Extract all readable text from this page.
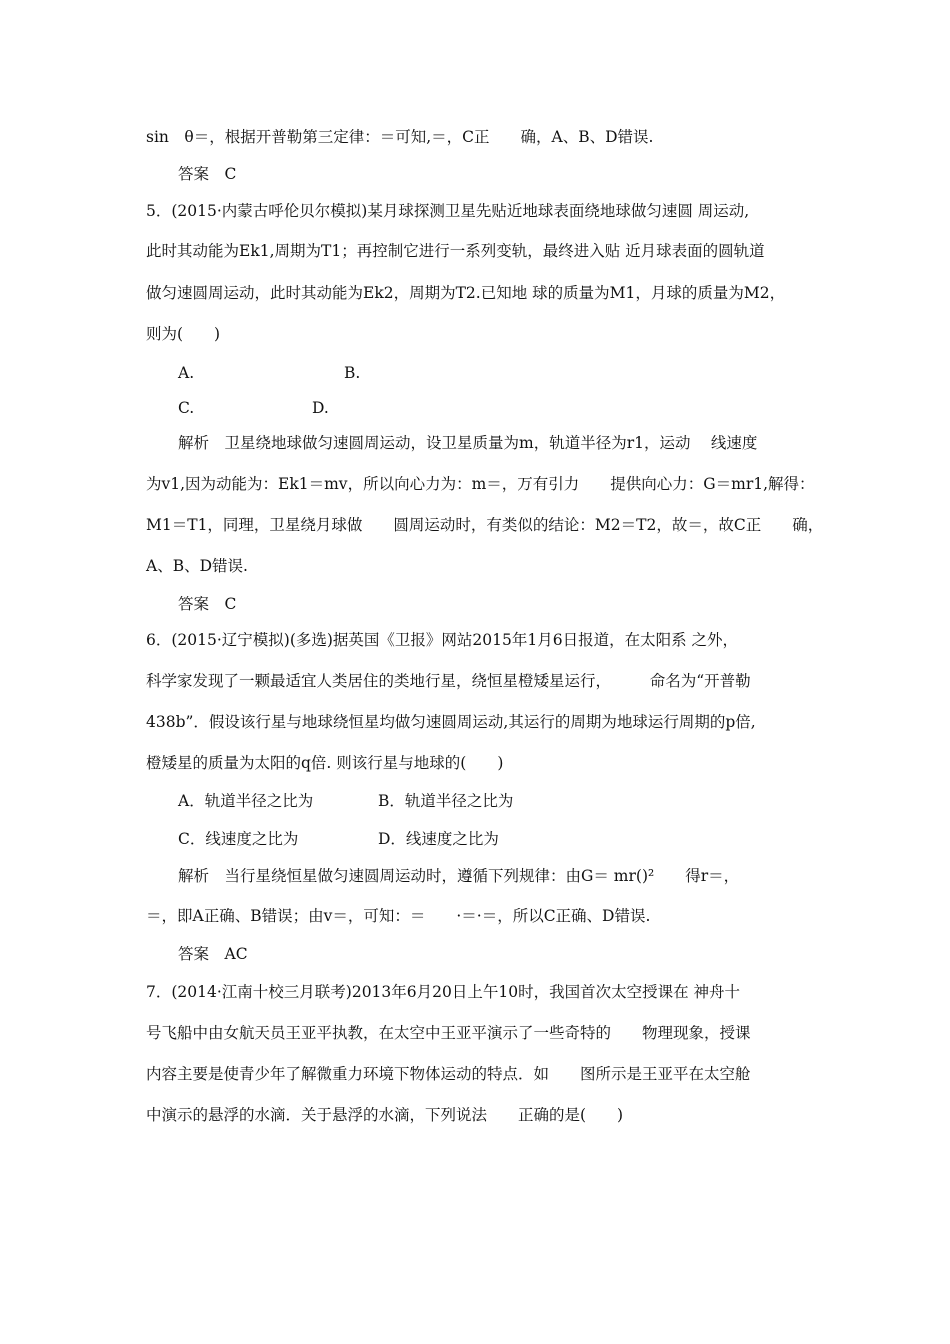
sin　θ＝，根据开普勒第三定律：＝可知,＝，C正　　确，A、B、D错误.
答案　C
5．(2015·内蒙古呼伦贝尔模拟)某月球探测卫星先贴近地球表面绕地球做匀速圆 周运动,
此时其动能为Ek1,周期为T1；再控制它进行一系列变轨，最终进入贴 近月球表面的圆轨道
做匀速圆周运动，此时其动能为Ek2，周期为T2.已知地 球的质量为M1，月球的质量为M2，
则为(　　)
A.	B.
C.	D.
解析　卫星绕地球做匀速圆周运动，设卫星质量为m，轨道半径为r1，运动　 线速度
为v1,因为动能为：Ek1＝mv，所以向心力为：m＝，万有引力　　提供向心力：G＝mr1,解得：
M1＝T1，同理，卫星绕月球做　　圆周运动时，有类似的结论：M2＝T2，故＝，故C正　　确，
A、B、D错误.
答案　C
6．(2015·辽宁模拟)(多选)据英国《卫报》网站2015年1月6日报道，在太阳系 之外，
科学家发现了一颗最适宜人类居住的类地行星，绕恒星橙矮星运行，　　　命名为“开普勒
438b”．假设该行星与地球绕恒星均做匀速圆周运动,其运行的周期为地球运行周期的p倍,
橙矮星的质量为太阳的q倍. 则该行星与地球的(　　)
A．轨道半径之比为	B．轨道半径之比为
C．线速度之比为	D．线速度之比为
解析　当行星绕恒星做匀速圆周运动时，遵循下列规律：由G＝ mr()²　　得r＝，
＝，即A正确、B错误；由v＝，可知：＝　　·＝·＝，所以C正确、D错误.
答案　AC
7．(2014·江南十校三月联考)2013年6月20日上午10时，我国首次太空授课在 神舟十
号飞船中由女航天员王亚平执教，在太空中王亚平演示了一些奇特的　　物理现象，授课
内容主要是使青少年了解微重力环境下物体运动的特点．如　　图所示是王亚平在太空舱
中演示的悬浮的水滴．关于悬浮的水滴，下列说法　　正确的是(　　)
